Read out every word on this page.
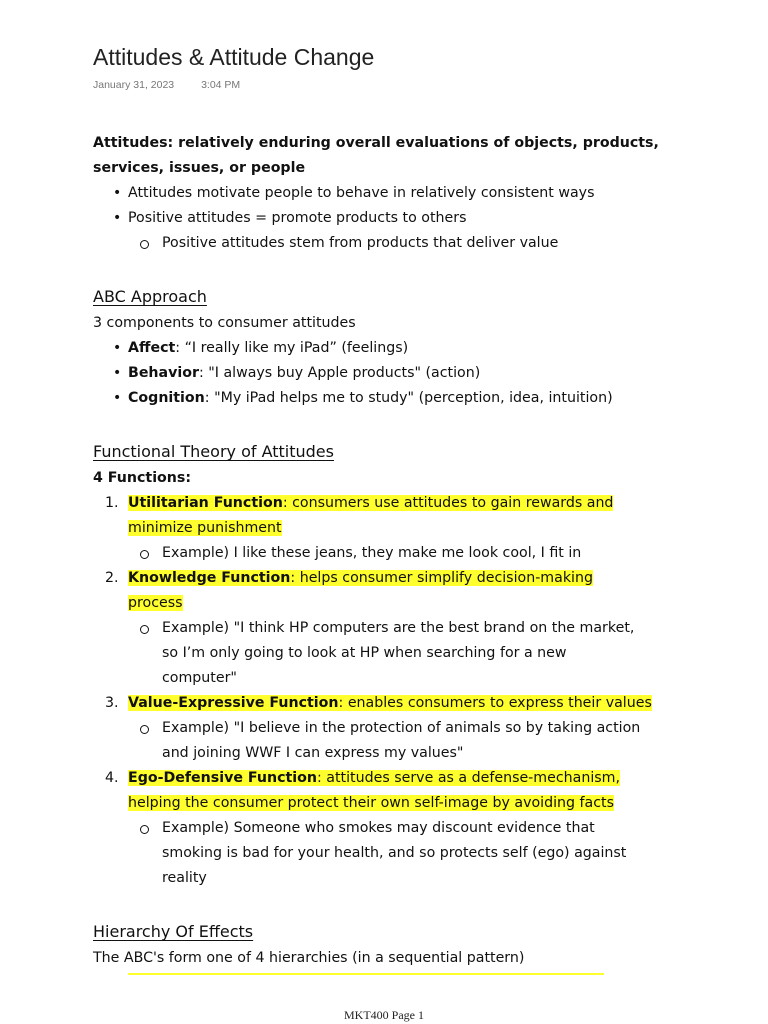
Attitudes & Attitude Change
January 31, 2023	3:04 PM
Attitudes: relatively enduring overall evaluations of objects, products,
services, issues, or people
• Attitudes motivate people to behave in relatively consistent ways
• Positive attitudes = promote products to others
Positive attitudes stem from products that deliver value
ABC Approach
3 components to consumer attitudes
• Affect: “I really like my iPad” (feelings)
• Behavior: "I always buy Apple products" (action)
• Cognition: "My iPad helps me to study" (perception, idea, intuition)
Functional Theory of Attitudes
4 Functions:
1. Utilitarian Function: consumers use attitudes to gain rewards and
minimize punishment
Example) I like these jeans, they make me look cool, I fit in
2. Knowledge Function: helps consumer simplify decision-making
process
Example) "I think HP computers are the best brand on the market,
so I’m only going to look at HP when searching for a new
computer"
3. Value-Expressive Function: enables consumers to express their values
Example) "I believe in the protection of animals so by taking action
and joining WWF I can express my values"
4. Ego-Defensive Function: attitudes serve as a defense-mechanism,
helping the consumer protect their own self-image by avoiding facts
Example) Someone who smokes may discount evidence that
smoking is bad for your health, and so protects self (ego) against
reality
Hierarchy Of Effects
The ABC's form one of 4 hierarchies (in a sequential pattern)
MKT400 Page 1
